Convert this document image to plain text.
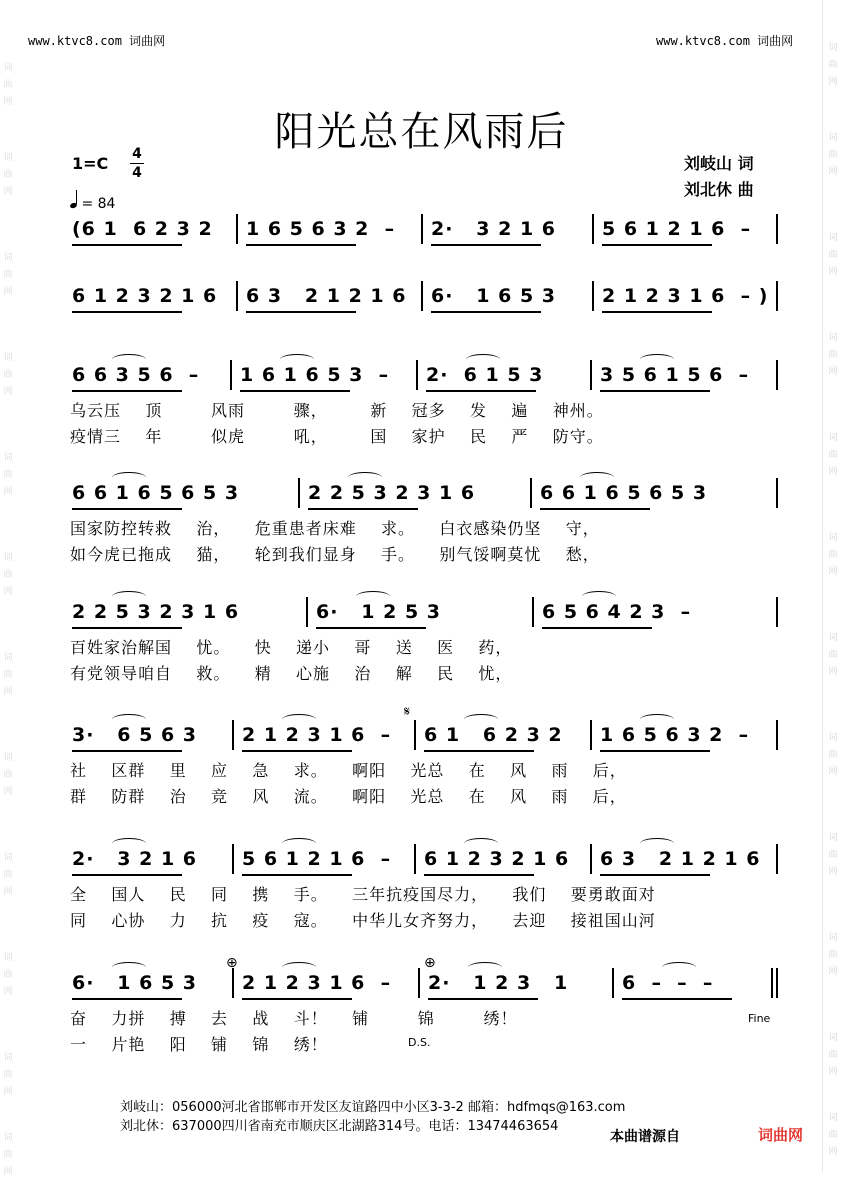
www.ktvc8.com 词曲网	www.ktvc8.com 词曲网	词
曲
网
词
曲
网
词
曲
网
词
曲
网
词
曲
网
词
曲
网
词
曲
网
词
曲
网
词
曲
网
词
曲
网
词
曲
网
词
曲
网
词
曲
网
词
曲
网
词
曲
网
词
曲
网
词
曲
网
词
曲
网
词
曲
网
词
曲
网
词
曲
网
词
曲
网
词
曲
网
词
曲
网
阳光总在风雨后
刘岐山 词
刘北休 曲
1=C 4
4
= 84
(6 1  6 2 3 2 1 6 5 6 3 2  – 2·   3 2 1 6 5 6 1 2 1 6  –
6 1 2 3 2 1 6 6 3   2 1 2 1 6 6·   1 6 5 3 2 1 2 3 1 6  – )
6 6 3 5 6  – 1 6 1 6 5 3  – 2·  6 1 5 3	3 5 6 1 5 6  –
乌云压    顶        风雨        骤，       新    冠多    发    遍    神州。
疫情三    年        似虎        吼，       国    家护    民    严    防守。
6 6 1 6 5 6 5 3	2 2 5 3 2 3 1 6	6 6 1 6 5 6 5 3
国家防控转救    治，    危重患者床难    求。    白衣感染仍坚    守，
如今虎已拖成    猫，    轮到我们显身    手。    别气馁啊莫忧    愁，
2 2 5 3 2 3 1 6	6·   1 2 5 3	6 5 6 4 2 3  –
百姓家治解国    忧。    快    递小    哥    送    医    药，
有党领导咱自    救。    精    心施    治    解    民    忧，
3·   6 5 6 3 2 1 2 3 1 6  – 6 1   6 2 3 2 1 6 5 6 3 2  –
社    区群    里    应    急    求。    啊阳    光总    在    风    雨    后，
群    防群    治    竞    风    流。    啊阳    光总    在    风    雨    后，
2·   3 2 1 6 5 6 1 2 1 6  – 6 1 2 3 2 1 6 6 3   2 1 2 1 6
全    国人    民    同    携    手。    三年抗疫国尽力，    我们    要勇敢面对
同    心协    力    抗    疫    寇。    中华儿女齐努力，    去迎    接祖国山河
6·   1 6 5 3 2 1 2 3 1 6  – 2·   1 2 3   1	6  –  –  –
奋    力拼    搏    去    战    斗！    铺        锦        绣！
一    片艳    阳    铺    锦    绣！
Fine
D.S.
𝄋
⊕	⊕
刘岐山：056000河北省邯郸市开发区友谊路四中小区3-3-2 邮箱：hdfmqs@163.com
刘北休：637000四川省南充市顺庆区北湖路314号。电话：13474463654
本曲谱源自	词曲网
